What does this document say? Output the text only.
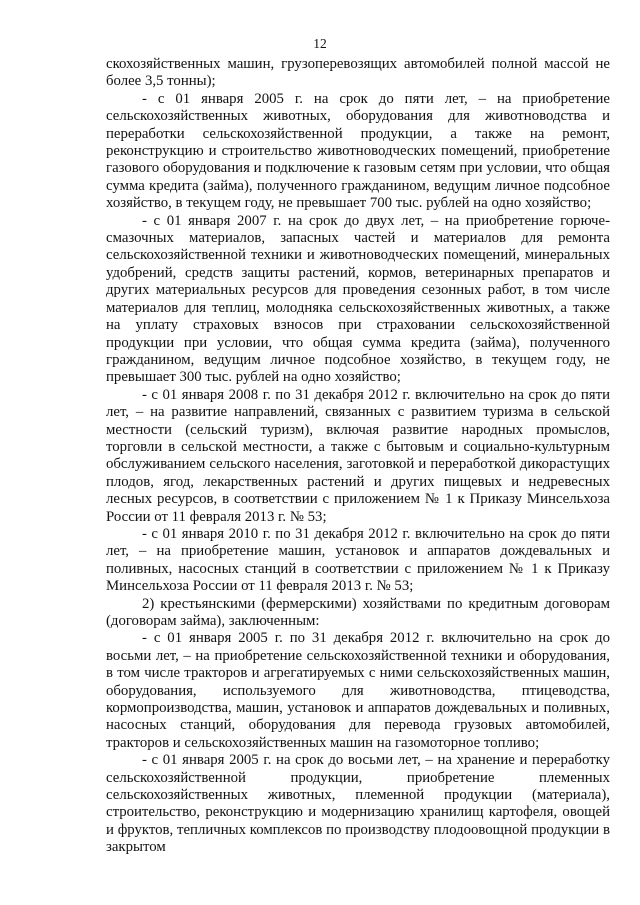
12

скохозяйственных машин, грузоперевозящих автомобилей полной массой не более 3,5 тонны);

- с 01 января 2005 г. на срок до пяти лет, – на приобретение сельскохозяйственных животных, оборудования для животноводства и переработки сельскохозяйственной продукции, а также на ремонт, реконструкцию и строительство животноводческих помещений, приобретение газового оборудования и подключение к газовым сетям при условии, что общая сумма кредита (займа), полученного гражданином, ведущим личное подсобное хозяйство, в текущем году, не превышает 700 тыс. рублей на одно хозяйство;

- с 01 января 2007 г. на срок до двух лет, – на приобретение горюче-смазочных материалов, запасных частей и материалов для ремонта сельскохозяйственной техники и животноводческих помещений, минеральных удобрений, средств защиты растений, кормов, ветеринарных препаратов и других материальных ресурсов для проведения сезонных работ, в том числе материалов для теплиц, молодняка сельскохозяйственных животных, а также на уплату страховых взносов при страховании сельскохозяйственной продукции при условии, что общая сумма кредита (займа), полученного гражданином, ведущим личное подсобное хозяйство, в текущем году, не превышает 300 тыс. рублей на одно хозяйство;

- с 01 января 2008 г. по 31 декабря 2012 г. включительно на срок до пяти лет, – на развитие направлений, связанных с развитием туризма в сельской местности (сельский туризм), включая развитие народных промыслов, торговли в сельской местности, а также с бытовым и социально-культурным обслуживанием сельского населения, заготовкой и переработкой дикорастущих плодов, ягод, лекарственных растений и других пищевых и недревесных лесных ресурсов, в соответствии с приложением № 1 к Приказу Минсельхоза России от 11 февраля 2013 г. № 53;

- с 01 января 2010 г. по 31 декабря 2012 г. включительно на срок до пяти лет, – на приобретение машин, установок и аппаратов дождевальных и поливных, насосных станций в соответствии с приложением № 1 к Приказу Минсельхоза России от 11 февраля 2013 г. № 53;

2) крестьянскими (фермерскими) хозяйствами по кредитным договорам (договорам займа), заключенным:

- с 01 января 2005 г. по 31 декабря 2012 г. включительно на срок до восьми лет, – на приобретение сельскохозяйственной техники и оборудования, в том числе тракторов и агрегатируемых с ними сельскохозяйственных машин, оборудования, используемого для животноводства, птицеводства, кормопроизводства, машин, установок и аппаратов дождевальных и поливных, насосных станций, оборудования для перевода грузовых автомобилей, тракторов и сельскохозяйственных машин на газомоторное топливо;

- с 01 января 2005 г. на срок до восьми лет, – на хранение и переработку сельскохозяйственной продукции, приобретение племенных сельскохозяйственных животных, племенной продукции (материала), строительство, реконструкцию и модернизацию хранилищ картофеля, овощей и фруктов, тепличных комплексов по производству плодоовощной продукции в закрытом
